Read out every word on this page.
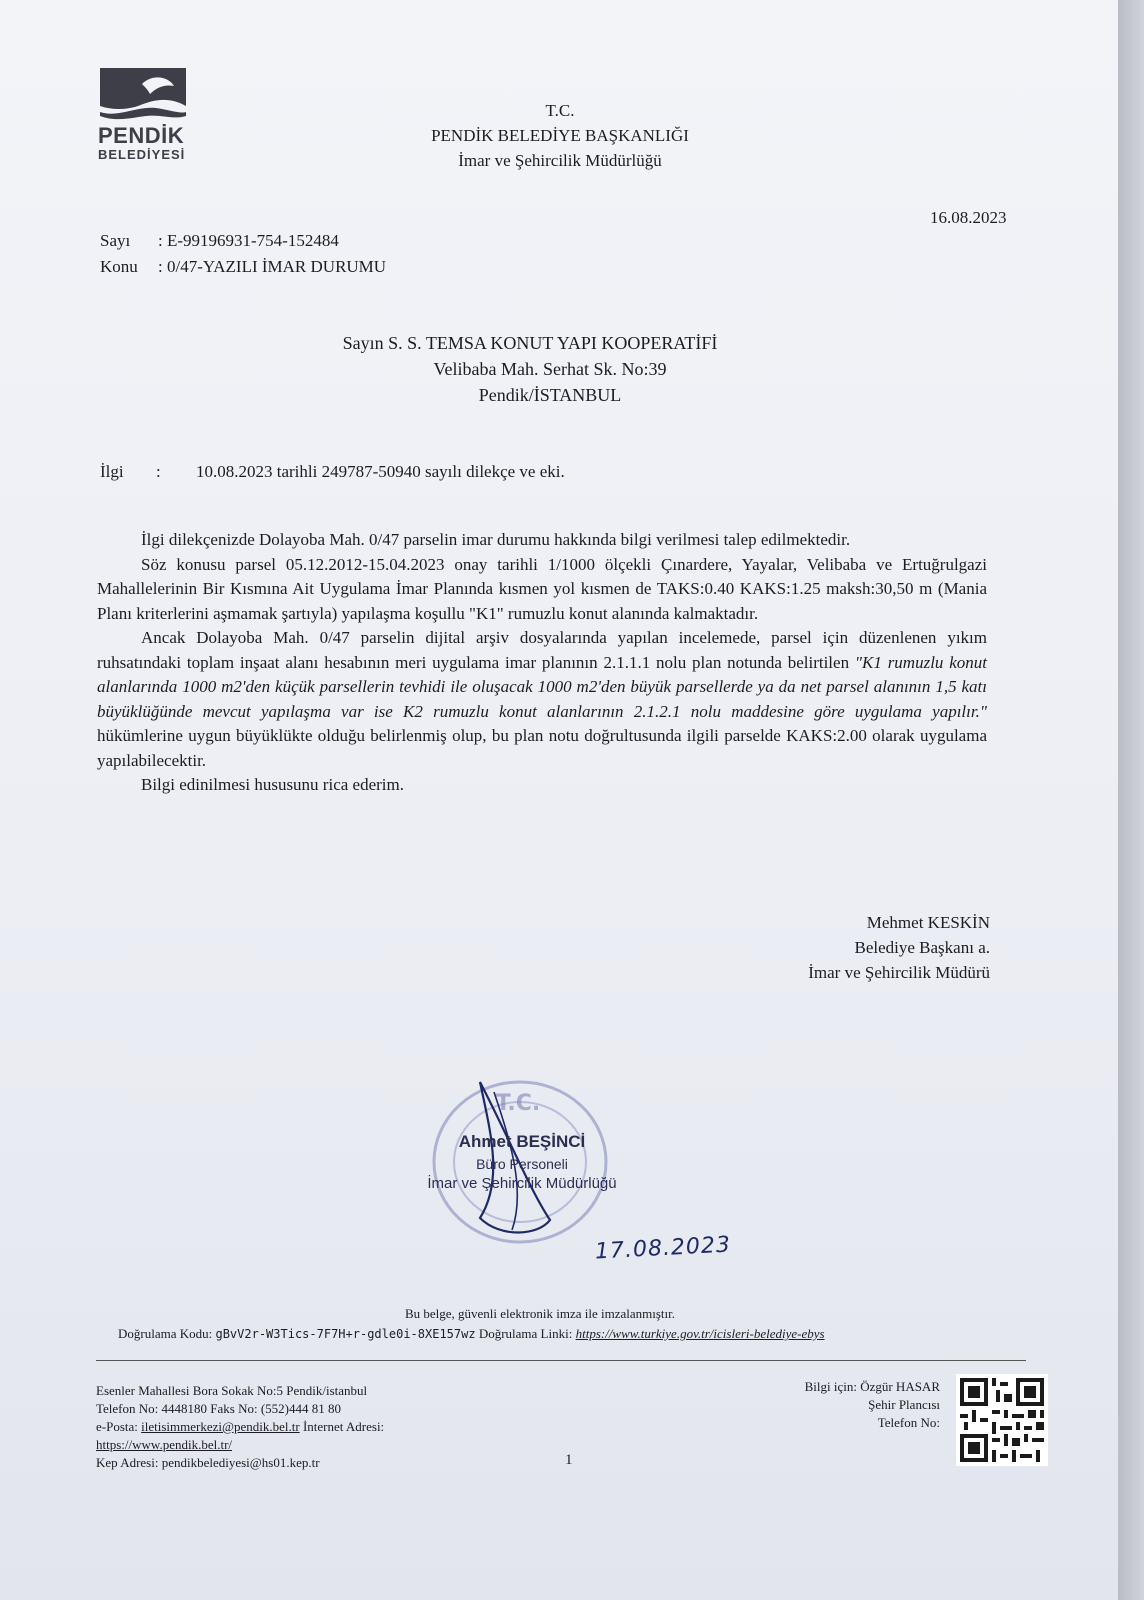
PENDİK
BELEDİYESİ
T.C.
PENDİK BELEDİYE BAŞKANLIĞI
İmar ve Şehircilik Müdürlüğü
16.08.2023
Sayı : E-99196931-754-152484
Konu : 0/47-YAZILI İMAR DURUMU
Sayın S. S. TEMSA KONUT YAPI KOOPERATİFİ
Velibaba Mah. Serhat Sk. No:39
Pendik/İSTANBUL
İlgi : 10.08.2023 tarihli 249787-50940 sayılı dilekçe ve eki.

İlgi dilekçenizde Dolayoba Mah. 0/47 parselin imar durumu hakkında bilgi verilmesi talep edilmektedir.

Söz konusu parsel 05.12.2012-15.04.2023 onay tarihli 1/1000 ölçekli Çınardere, Yayalar, Velibaba ve Ertuğrulgazi Mahallelerinin Bir Kısmına Ait Uygulama İmar Planında kısmen yol kısmen de TAKS:0.40 KAKS:1.25 maksh:30,50 m (Mania Planı kriterlerini aşmamak şartıyla) yapılaşma koşullu "K1" rumuzlu konut alanında kalmaktadır.

Ancak Dolayoba Mah. 0/47 parselin dijital arşiv dosyalarında yapılan incelemede, parsel için düzenlenen yıkım ruhsatındaki toplam inşaat alanı hesabının meri uygulama imar planının 2.1.1.1 nolu plan notunda belirtilen "K1 rumuzlu konut alanlarında 1000 m2'den küçük parsellerin tevhidi ile oluşacak 1000 m2'den büyük parsellerde ya da net parsel alanının 1,5 katı büyüklüğünde mevcut yapılaşma var ise K2 rumuzlu konut alanlarının 2.1.2.1 nolu maddesine göre uygulama yapılır." hükümlerine uygun büyüklükte olduğu belirlenmiş olup, bu plan notu doğrultusunda ilgili parselde KAKS:2.00 olarak uygulama yapılabilecektir.

Bilgi edinilmesi hususunu rica ederim.

Mehmet KESKİN
Belediye Başkanı a.
İmar ve Şehircilik Müdürü
T.C.
Ahmet BEŞİNCİ
Büro Personeli
İmar ve Şehircilik Müdürlüğü
17.08.2023
Bu belge, güvenli elektronik imza ile imzalanmıştır.
Doğrulama Kodu: gBvV2r-W3Tics-7F7H+r-gdle0i-8XE157wz Doğrulama Linki: https://www.turkiye.gov.tr/icisleri-belediye-ebys
Esenler Mahallesi Bora Sokak No:5 Pendik/istanbul
Telefon No: 4448180 Faks No: (552)444 81 80
e-Posta: iletisimmerkezi@pendik.bel.tr İnternet Adresi:
https://www.pendik.bel.tr/
Kep Adresi: pendikbelediyesi@hs01.kep.tr	1
Bilgi için: Özgür HASAR
Şehir Plancısı
Telefon No:
